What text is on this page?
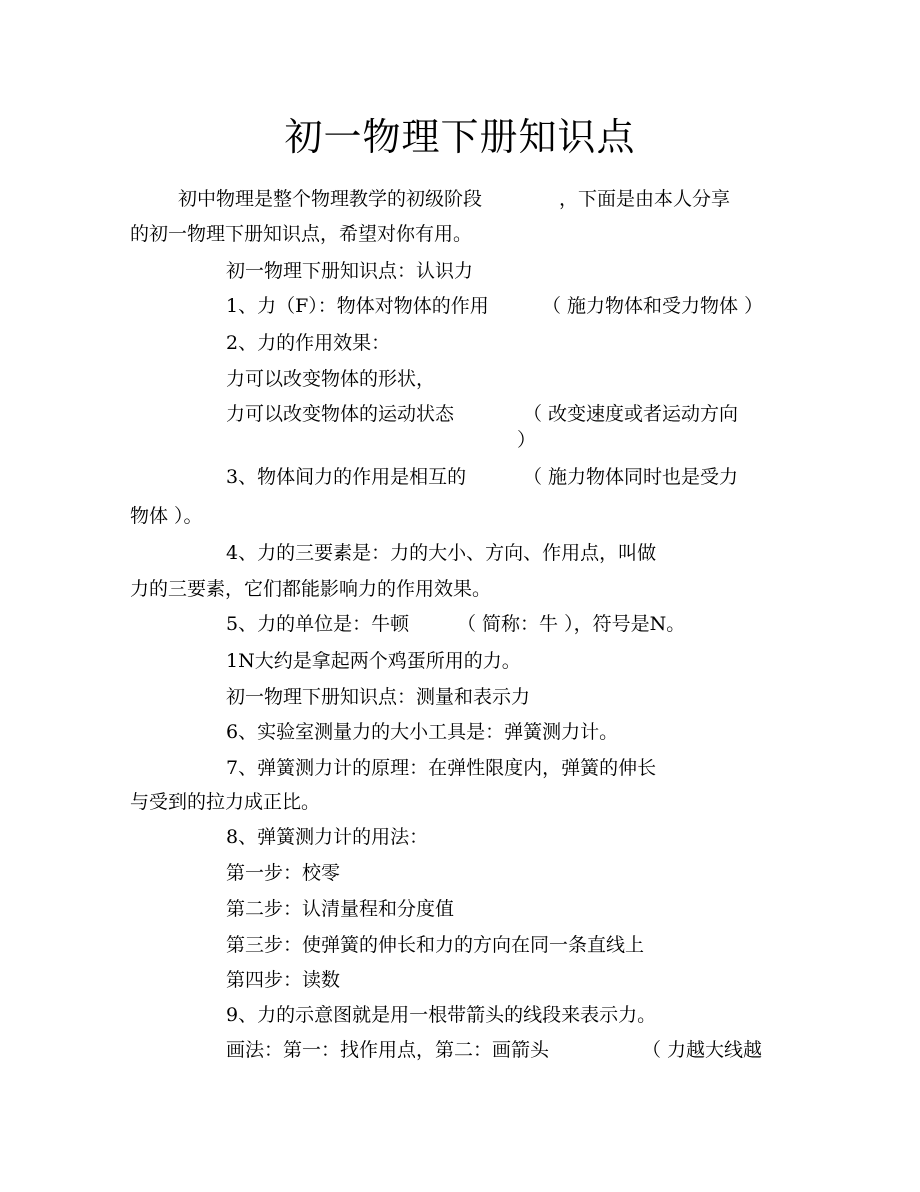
初一物理下册知识点
初中物理是整个物理教学的初级阶段	，下面是由本人分享
的初一物理下册知识点，希望对你有用。
初一物理下册知识点：认识力
1、力（F）：物体对物体的作用	（ 施力物体和受力物体 ）
2、力的作用效果：
力可以改变物体的形状，
力可以改变物体的运动状态	（ 改变速度或者运动方向
）
3、物体间力的作用是相互的	（ 施力物体同时也是受力
物体 ）。
4、力的三要素是：力的大小、方向、作用点，叫做
力的三要素，它们都能影响力的作用效果。
5、力的单位是：牛顿	（ 简称：牛 ），符号是N。
1N大约是拿起两个鸡蛋所用的力。
初一物理下册知识点：测量和表示力
6、实验室测量力的大小工具是：弹簧测力计。
7、弹簧测力计的原理：在弹性限度内，弹簧的伸长
与受到的拉力成正比。
8、弹簧测力计的用法：
第一步：校零
第二步：认清量程和分度值
第三步：使弹簧的伸长和力的方向在同一条直线上
第四步：读数
9、力的示意图就是用一根带箭头的线段来表示力。
画法：第一：找作用点，第二：画箭头	（ 力越大线越
